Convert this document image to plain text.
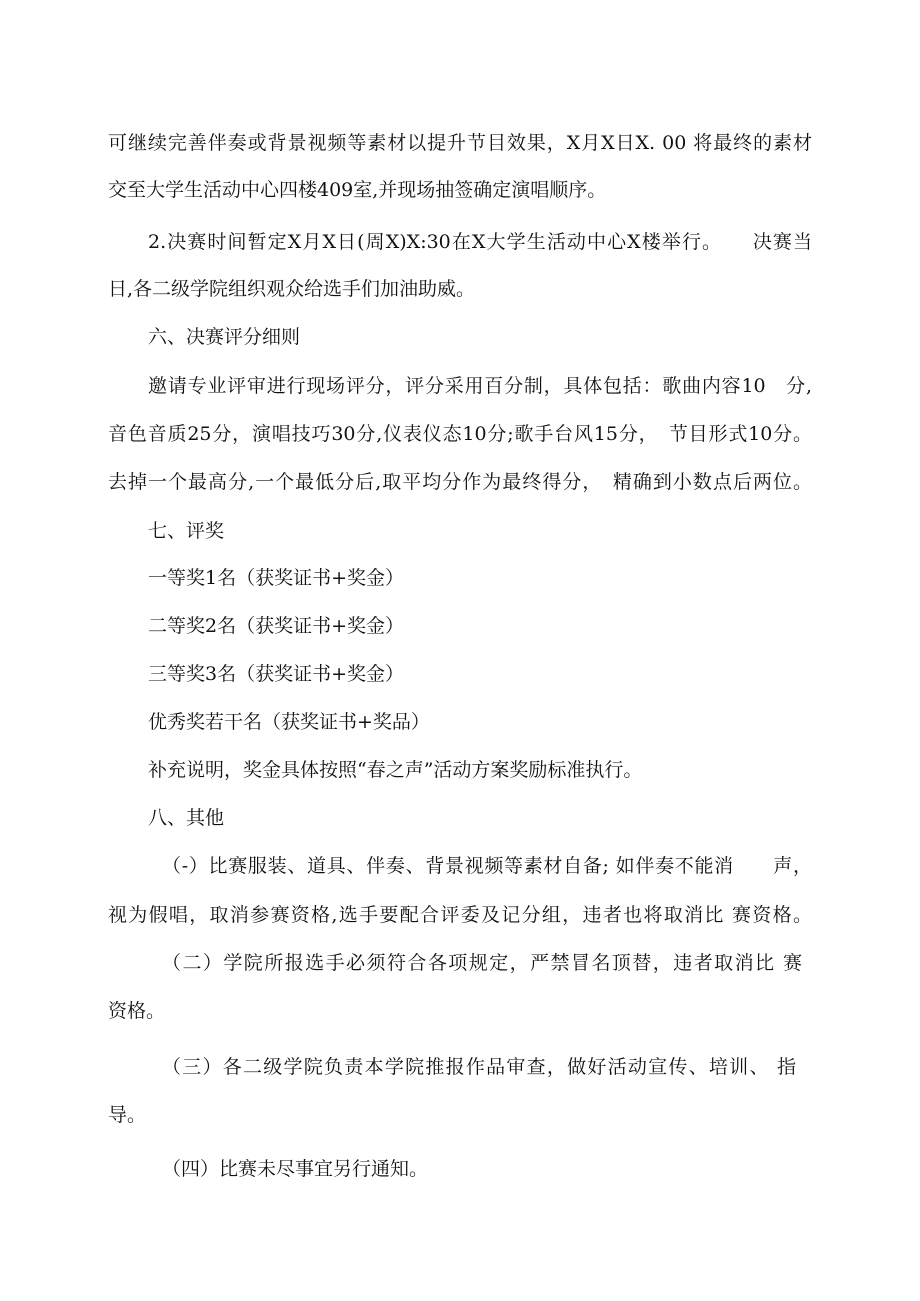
可继续完善伴奏或背景视频等素材以提升节目效果，X月X日X. 00 将最终的素材
交至大学生活动中心四楼409室,并现场抽签确定演唱顺序。
2.决赛时间暂定X月X日(周X)X:30在X大学生活动中心X楼举行。　　决赛当
日,各二级学院组织观众给选手们加油助威。
六、决赛评分细则
邀请专业评审进行现场评分，评分采用百分制，具体包括：歌曲内容10　分,
音色音质25分，演唱技巧30分,仪表仪态10分;歌手台风15分，　节目形式10分。
去掉一个最高分,一个最低分后,取平均分作为最终得分，　精确到小数点后两位。
七、评奖
一等奖1名（获奖证书+奖金）
二等奖2名（获奖证书+奖金）
三等奖3名（获奖证书+奖金）
优秀奖若干名（获奖证书+奖品）
补充说明，奖金具体按照“春之声”活动方案奖励标准执行。
八、其他
（-）比赛服装、道具、伴奏、背景视频等素材自备; 如伴奏不能消　　声，
视为假唱，取消参赛资格,选手要配合评委及记分组，违者也将取消比 赛资格。
（二）学院所报选手必须符合各项规定，严禁冒名顶替，违者取消比 赛
资格。
（三）各二级学院负责本学院推报作品审查，做好活动宣传、培训、 指
导。
（四）比赛未尽事宜另行通知。
